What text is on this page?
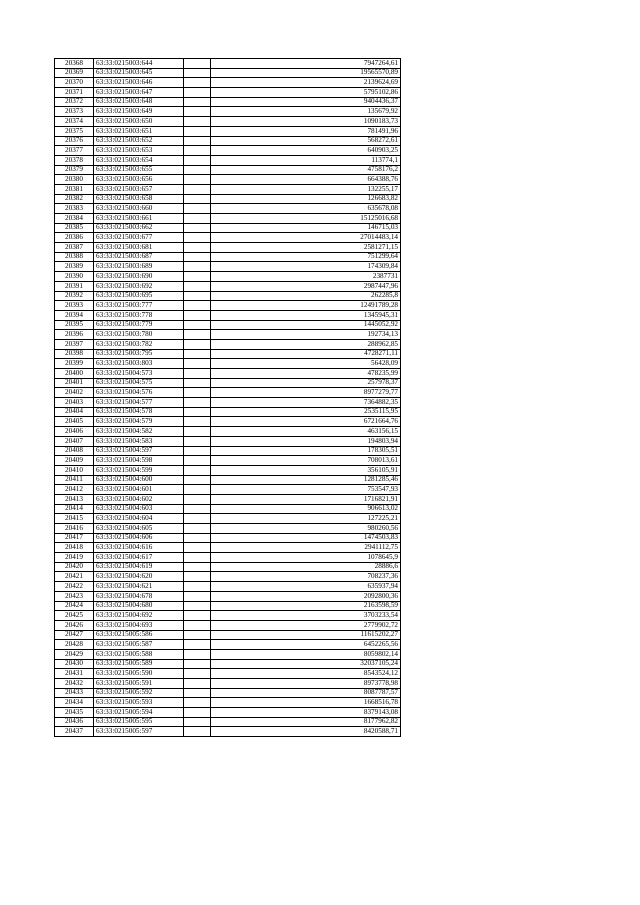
20368	63:33:0215003:644		7947264,61
20369	63:33:0215003:645		19565570,89
20370	63:33:0215003:646		2139624,69
20371	63:33:0215003:647		5795102,86
20372	63:33:0215003:648		9404436,37
20373	63:33:0215003:649		135679,92
20374	63:33:0215003:650		1090183,73
20375	63:33:0215003:651		781491,96
20376	63:33:0215003:652		568272,61
20377	63:33:0215003:653		640903,25
20378	63:33:0215003:654		113774,1
20379	63:33:0215003:655		4758176,2
20380	63:33:0215003:656		664388,76
20381	63:33:0215003:657		132255,17
20382	63:33:0215003:658		126683,82
20383	63:33:0215003:660		635678,08
20384	63:33:0215003:661		15125016,68
20385	63:33:0215003:662		146715,03
20386	63:33:0215003:677		27014483,14
20387	63:33:0215003:681		2581271,15
20388	63:33:0215003:687		751299,64
20389	63:33:0215003:689		174309,84
20390	63:33:0215003:690		2387731
20391	63:33:0215003:692		2987447,96
20392	63:33:0215003:695		262285,8
20393	63:33:0215003:777		12491789,28
20394	63:33:0215003:778		1345945,31
20395	63:33:0215003:779		1445052,92
20396	63:33:0215003:780		192734,13
20397	63:33:0215003:782		288962,85
20398	63:33:0215003:795		4728271,11
20399	63:33:0215003:803		56428,09
20400	63:33:0215004:573		478235,99
20401	63:33:0215004:575		257978,37
20402	63:33:0215004:576		8977279,77
20403	63:33:0215004:577		7364882,35
20404	63:33:0215004:578		2535115,95
20405	63:33:0215004:579		6721664,76
20406	63:33:0215004:582		463156,15
20407	63:33:0215004:583		194803,94
20408	63:33:0215004:597		178305,51
20409	63:33:0215004:598		708013,61
20410	63:33:0215004:599		356105,91
20411	63:33:0215004:600		1281285,46
20412	63:33:0215004:601		753547,93
20413	63:33:0215004:602		1716821,91
20414	63:33:0215004:603		906613,02
20415	63:33:0215004:604		127225,21
20416	63:33:0215004:605		980260,56
20417	63:33:0215004:606		1474503,83
20418	63:33:0215004:616		2941112,75
20419	63:33:0215004:617		1078645,9
20420	63:33:0215004:619		28886,6
20421	63:33:0215004:620		708237,36
20422	63:33:0215004:621		635937,94
20423	63:33:0215004:678		2092800,36
20424	63:33:0215004:680		2163598,59
20425	63:33:0215004:692		3703233,54
20426	63:33:0215004:693		2779902,72
20427	63:33:0215005:586		11615202,27
20428	63:33:0215005:587		6452265,56
20429	63:33:0215005:588		8059802,14
20430	63:33:0215005:589		32037105,24
20431	63:33:0215005:590		8543524,12
20432	63:33:0215005:591		8973778,98
20433	63:33:0215005:592		8087787,57
20434	63:33:0215005:593		1668516,78
20435	63:33:0215005:594		8379143,08
20436	63:33:0215005:595		8177962,82
20437	63:33:0215005:597		8420588,71
